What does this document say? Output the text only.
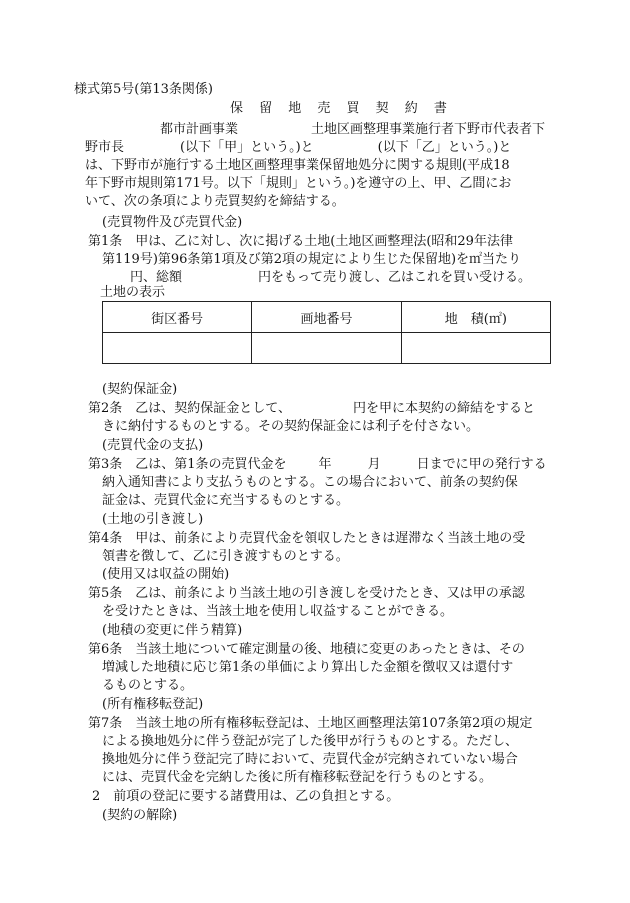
様式第5号(第13条関係)
保 留 地 売 買 契 約 書
都市計画事業	土地区画整理事業施行者下野市代表者下
野市長	(以下「甲」という。)と	(以下「乙」という。)と
は、下野市が施行する土地区画整理事業保留地処分に関する規則(平成18
年下野市規則第171号。以下「規則」という。)を遵守の上、甲、乙間にお
いて、次の条項により売買契約を締結する。
(売買物件及び売買代金)
第1条　甲は、乙に対し、次に掲げる土地(土地区画整理法(昭和29年法律
第119号)第96条第1項及び第2項の規定により生じた保留地)を㎡当たり
円、総額	円をもって売り渡し、乙はこれを買い受ける。
土地の表示
街区番号	画地番号	地　積(㎡)

(契約保証金)
第2条　乙は、契約保証金として、	円を甲に本契約の締結をすると
きに納付するものとする。その契約保証金には利子を付さない。
(売買代金の支払)
第3条　乙は、第1条の売買代金を 年	月	日までに甲の発行する
納入通知書により支払うものとする。この場合において、前条の契約保
証金は、売買代金に充当するものとする。
(土地の引き渡し)
第4条　甲は、前条により売買代金を領収したときは遅滞なく当該土地の受
領書を徴して、乙に引き渡すものとする。
(使用又は収益の開始)
第5条　乙は、前条により当該土地の引き渡しを受けたとき、又は甲の承認
を受けたときは、当該土地を使用し収益することができる。
(地積の変更に伴う精算)
第6条　当該土地について確定測量の後、地積に変更のあったときは、その
増減した地積に応じ第1条の単価により算出した金額を徴収又は還付す
るものとする。
(所有権移転登記)
第7条　当該土地の所有権移転登記は、土地区画整理法第107条第2項の規定
による換地処分に伴う登記が完了した後甲が行うものとする。ただし、
換地処分に伴う登記完了時において、売買代金が完納されていない場合
には、売買代金を完納した後に所有権移転登記を行うものとする。
2　前項の登記に要する諸費用は、乙の負担とする。
(契約の解除)
